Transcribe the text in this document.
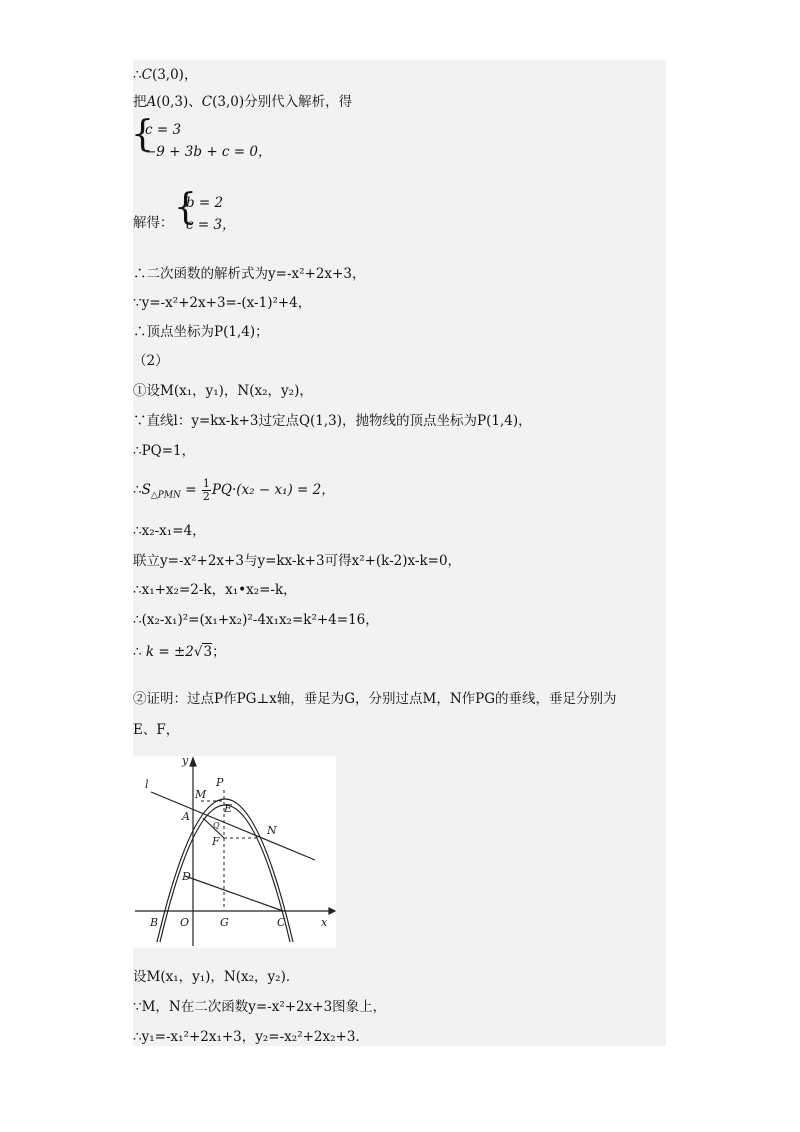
∴C(3,0)，
把A(0,3)、C(3,0)分别代入解析，得
{
c = 3
−9 + 3b + c = 0，
解得： {
b = 2
c = 3，
∴二次函数的解析式为y=-x²+2x+3，
∵y=-x²+2x+3=-(x-1)²+4，
∴顶点坐标为P(1,4)；
（2）
①设M(x₁，y₁)，N(x₂，y₂)，
∵直线l：y=kx-k+3过定点Q(1,3)，抛物线的顶点坐标为P(1,4)，
∴PQ=1，
$\therefore S_{\triangle PMN} = \frac{1}{2} PQ\cdot(x_2 - x_1) = 2$，
∴x₂-x₁=4，
联立y=-x²+2x+3与y=kx-k+3可得x²+(k-2)x-k=0，
∴x₁+x₂=2-k，x₁•x₂=-k，
∴(x₂-x₁)²=(x₁+x₂)²-4x₁x₂=k²+4=16，
∴ k = ±2√3；
②证明：过点P作PG⊥x轴，垂足为G，分别过点M，N作PG的垂线，垂足分别为
E、F，
y
x
l	P
M
E
A
Q	N
F
D
B O	G	C
设M(x₁，y₁)，N(x₂，y₂)．
∵M，N在二次函数y=-x²+2x+3图象上，
∴y₁=-x₁²+2x₁+3，y₂=-x₂²+2x₂+3．
